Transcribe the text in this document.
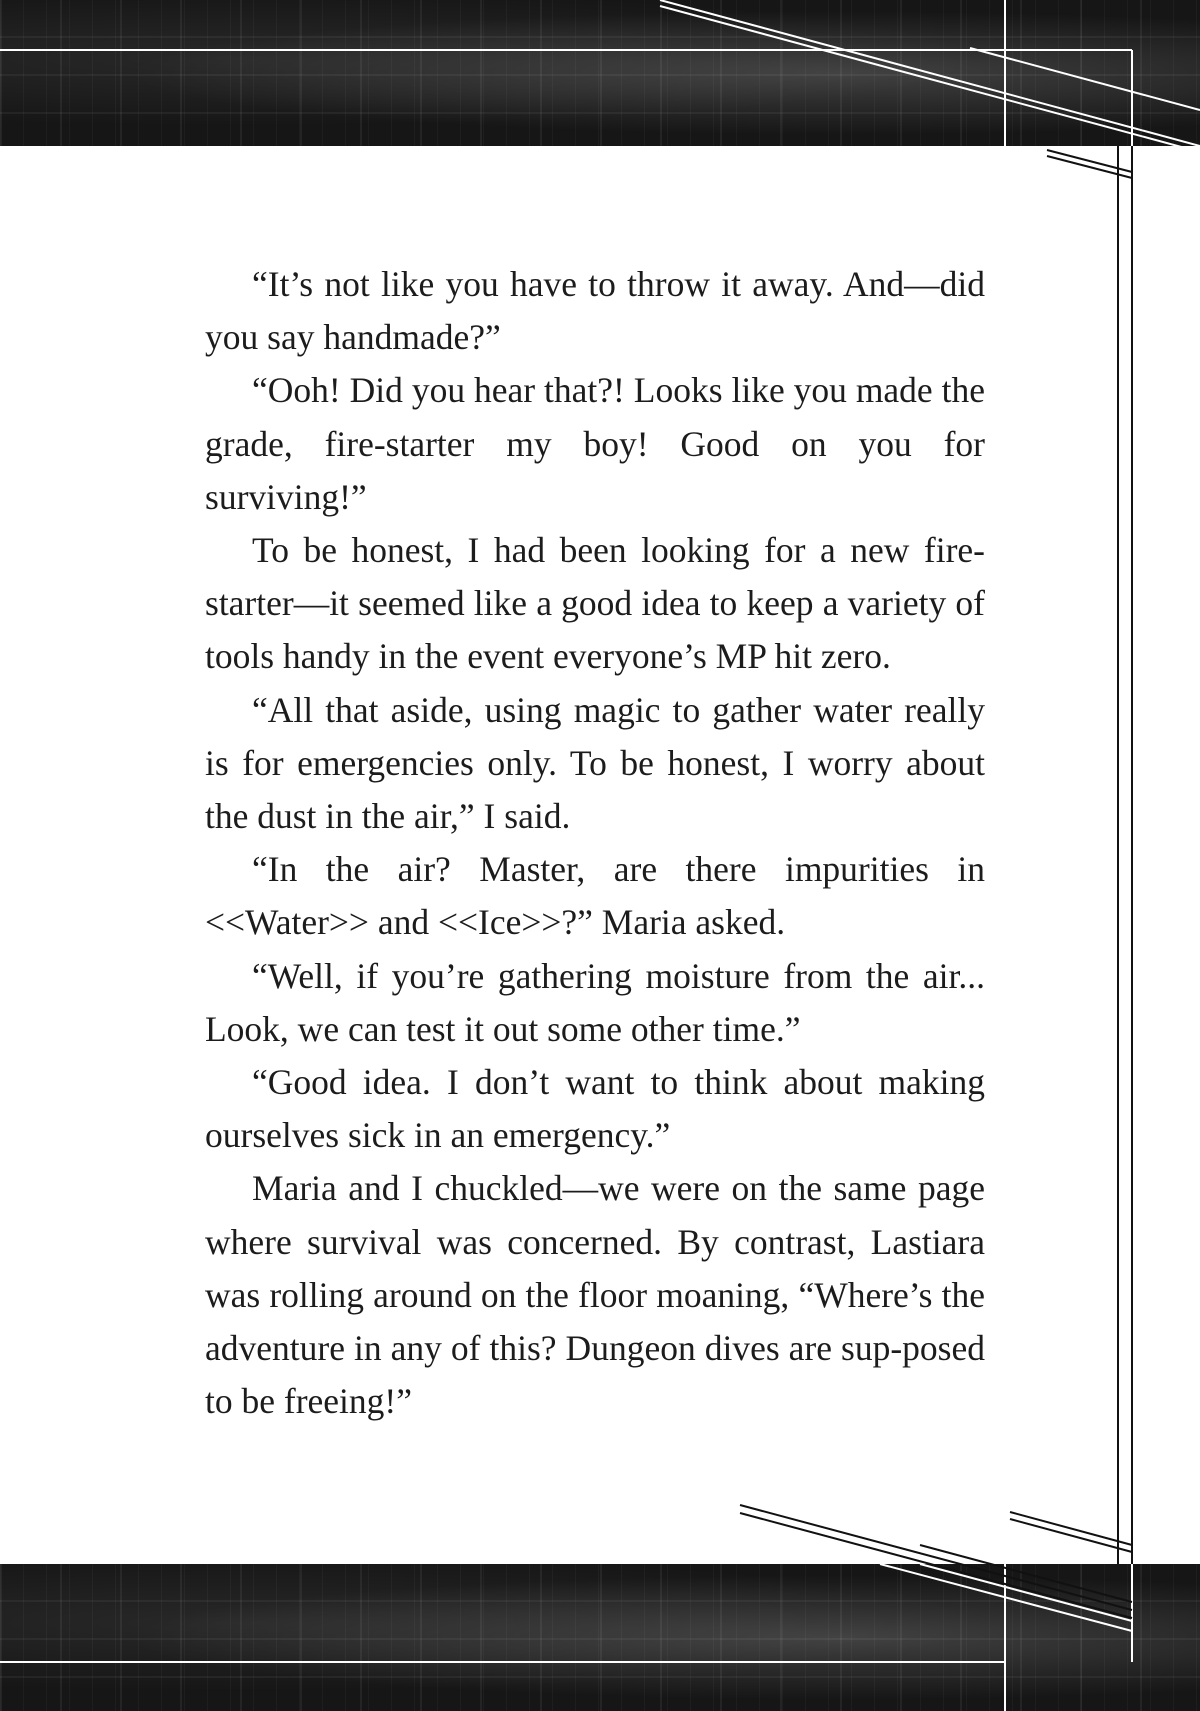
“It’s not like you have to throw it away. And—did you say handmade?”

“Ooh! Did you hear that?! Looks like you made the grade, fire-starter my boy! Good on you for surviving!”

To be honest, I had been looking for a new fire-starter—it seemed like a good idea to keep a variety of tools handy in the event everyone’s MP hit zero.

“All that aside, using magic to gather water really is for emergencies only. To be honest, I worry about the dust in the air,” I said.

“In the air? Master, are there impurities in <<Water>> and <<Ice>>?” Maria asked.

“Well, if you’re gathering moisture from the air... Look, we can test it out some other time.”

“Good idea. I don’t want to think about making ourselves sick in an emergency.”

Maria and I chuckled—we were on the same page where survival was concerned. By contrast, Lastiara was rolling around on the floor moaning, “Where’s the adventure in any of this? Dungeon dives are sup-posed to be freeing!”
